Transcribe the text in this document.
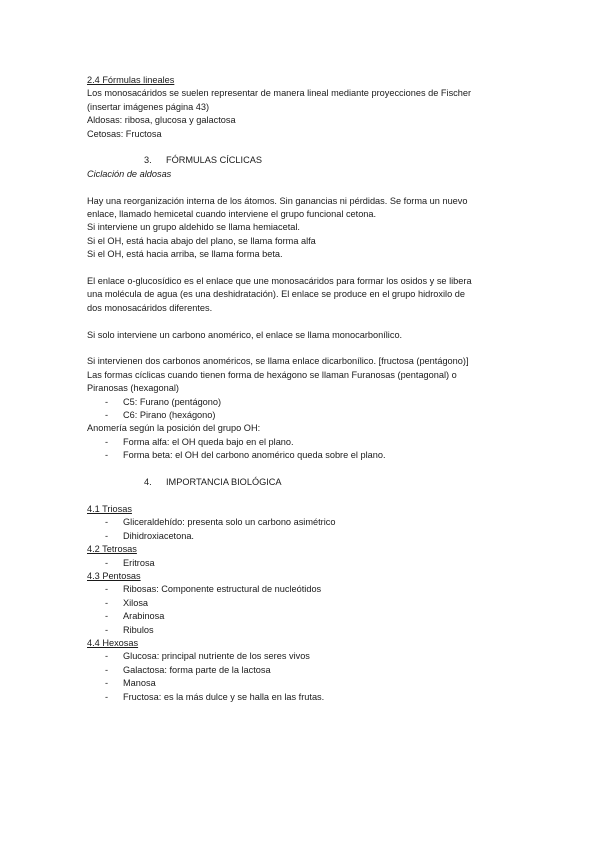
2.4 Fórmulas lineales
Los monosacáridos se suelen representar de manera lineal mediante proyecciones de Fischer
(insertar imágenes página 43)
Aldosas: ribosa, glucosa y galactosa
Cetosas: Fructosa
3. FÓRMULAS CÍCLICAS
Ciclación de aldosas
Hay una reorganización interna de los átomos. Sin ganancias ni pérdidas. Se forma un nuevo
enlace, llamado hemicetal cuando interviene el grupo funcional cetona.
Si interviene un grupo aldehido se llama hemiacetal.
Si el OH, está hacia abajo del plano, se llama forma alfa
Si el OH, está hacia arriba, se llama forma beta.
El enlace o-glucosídico es el enlace que une monosacáridos para formar los osidos y se libera
una molécula de agua (es una deshidratación). El enlace se produce en el grupo hidroxilo de
dos monosacáridos diferentes.
Si solo interviene un carbono anomérico, el enlace se llama monocarbonílico.
Si intervienen dos carbonos anoméricos, se llama enlace dicarbonílico. [fructosa (pentágono)]
Las formas cíclicas cuando tienen forma de hexágono se llaman Furanosas (pentagonal) o
Piranosas (hexagonal)
-	C5: Furano (pentágono)
-	C6: Pirano (hexágono)
Anomería según la posición del grupo OH:
-	Forma alfa: el OH queda bajo en el plano.
-	Forma beta: el OH del carbono anomérico queda sobre el plano.
4. IMPORTANCIA BIOLÓGICA
4.1 Triosas
-	Gliceraldehído: presenta solo un carbono asimétrico
-	Dihidroxiacetona.
4.2 Tetrosas
-	Eritrosa
4.3 Pentosas
-	Ribosas: Componente estructural de nucleótidos
-	Xilosa
-	Arabinosa
-	Ribulos
4.4 Hexosas
-	Glucosa: principal nutriente de los seres vivos
-	Galactosa: forma parte de la lactosa
-	Manosa
-	Fructosa: es la más dulce y se halla en las frutas.
